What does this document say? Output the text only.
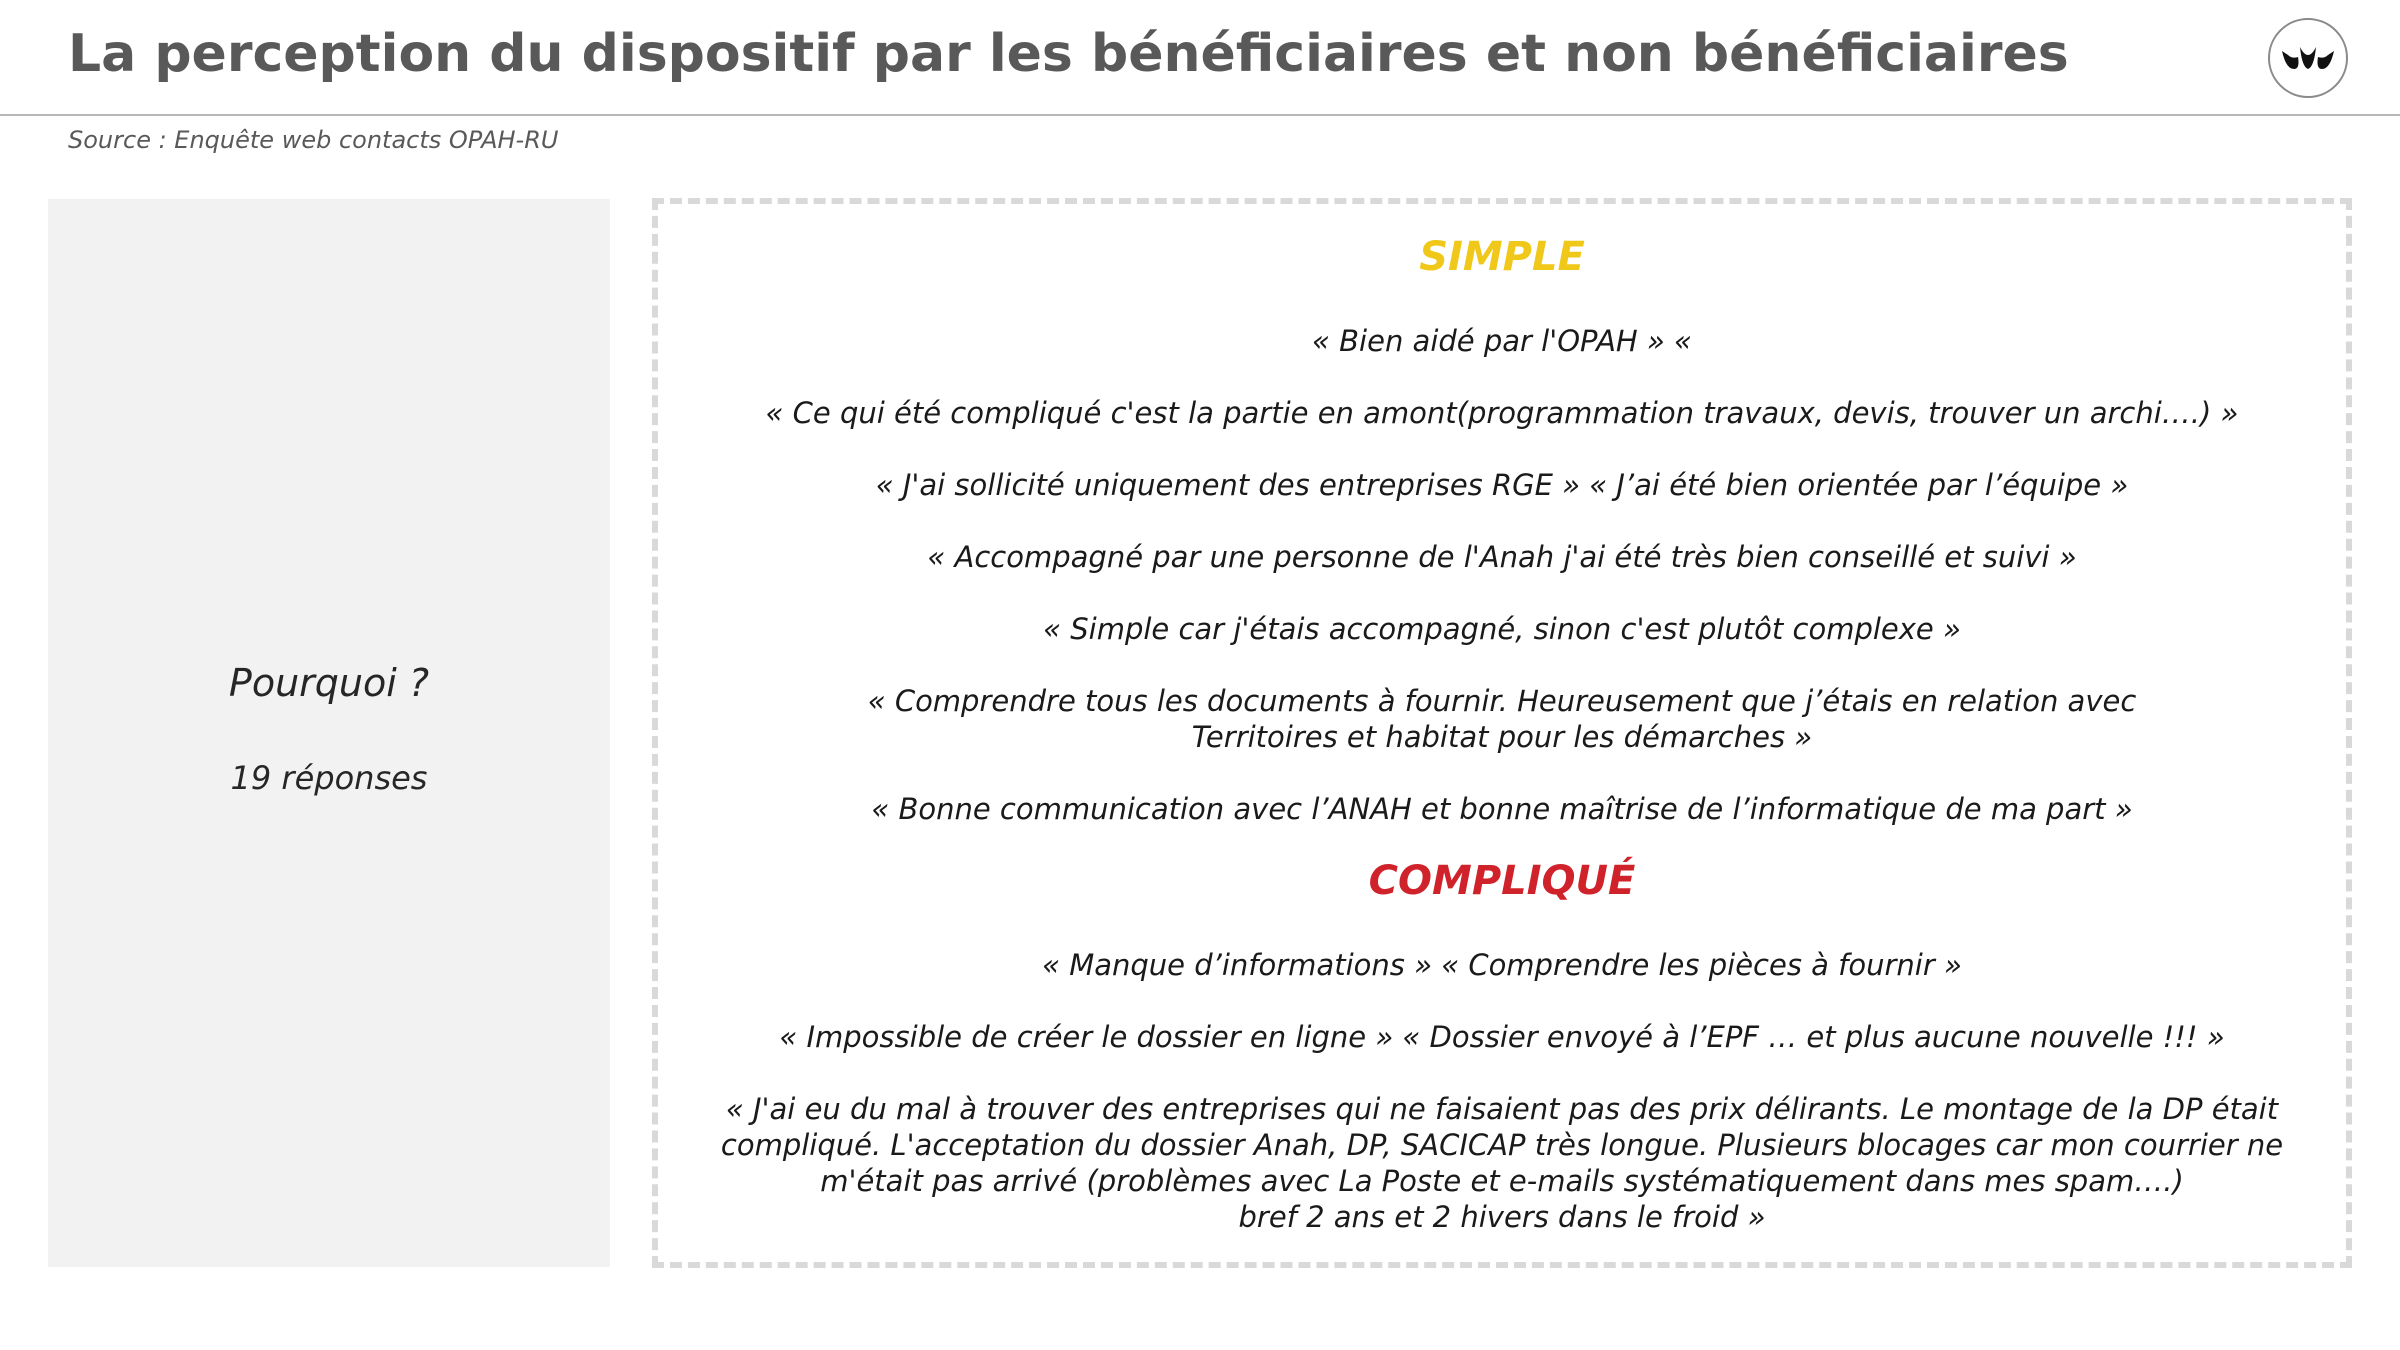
La perception du dispositif par les bénéficiaires et non bénéficiaires
Source : Enquête web contacts OPAH-RU
Pourquoi ?
19 réponses
SIMPLE
« Bien aidé par l'OPAH » «
« Ce qui été compliqué c'est la partie en amont(programmation travaux, devis, trouver un archi….) »
« J'ai sollicité uniquement des entreprises RGE » « J’ai été bien orientée par l’équipe »
« Accompagné par une personne de l'Anah j'ai été très bien conseillé et suivi »
« Simple car j'étais accompagné, sinon c'est plutôt complexe »
« Comprendre tous les documents à fournir. Heureusement que j’étais en relation avec
Territoires et habitat pour les démarches »
« Bonne communication avec l’ANAH et bonne maîtrise de l’informatique de ma part »
COMPLIQUÉ
« Manque d’informations » « Comprendre les pièces à fournir »
« Impossible de créer le dossier en ligne » « Dossier envoyé à l’EPF … et plus aucune nouvelle !!! »
« J'ai eu du mal à trouver des entreprises qui ne faisaient pas des prix délirants. Le montage de la DP était
compliqué. L'acceptation du dossier Anah, DP, SACICAP très longue. Plusieurs blocages car mon courrier ne
m'était pas arrivé (problèmes avec La Poste et e-mails systématiquement dans mes spam….)
bref 2 ans et 2 hivers dans le froid »
